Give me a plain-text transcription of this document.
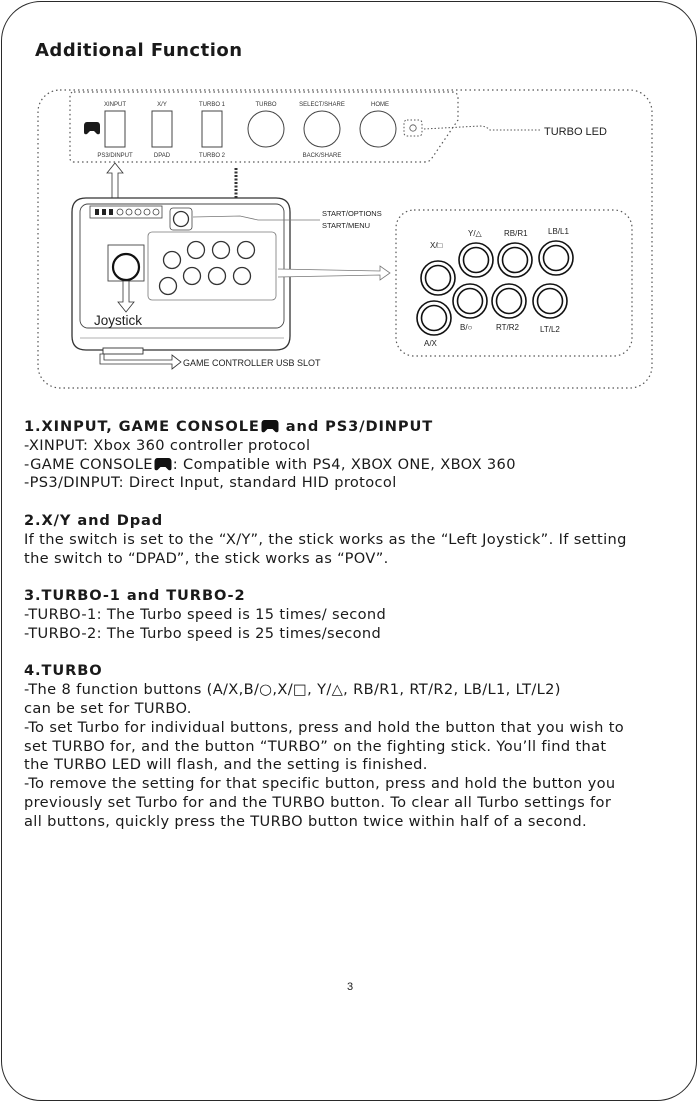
Additional Function
XINPUT	X/Y	TURBO 1	TURBO	SELECT/SHARE	HOME
TURBO LED
PS3/DINPUT	DPAD	TURBO 2	BACK/SHARE
START/OPTIONS
START/MENU
Joystick
GAME CONTROLLER USB SLOT
X/□
Y/△	RB/R1	LB/L1
A/X
B/○	RT/R2	LT/L2

1.XINPUT, GAME CONSOLE and PS3/DINPUT

-XINPUT: Xbox 360 controller protocol

-GAME CONSOLE : Compatible with PS4, XBOX ONE, XBOX 360

-PS3/DINPUT: Direct Input, standard HID protocol

2.X/Y and Dpad

If the switch is set to the “X/Y”, the stick works as the “Left Joystick”. If setting

the switch to “DPAD”, the stick works as “POV”.

3.TURBO-1 and TURBO-2

-TURBO-1: The Turbo speed is 15 times/ second

-TURBO-2: The Turbo speed is 25 times/second

4.TURBO

-The 8 function buttons (A/X,B/○,X/□, Y/△, RB/R1, RT/R2, LB/L1, LT/L2)

can be set for TURBO.

-To set Turbo for individual buttons, press and hold the button that you wish to

set TURBO for, and the button “TURBO” on the fighting stick. You’ll find that

the TURBO LED will flash, and the setting is finished.

-To remove the setting for that specific button, press and hold the button you

previously set Turbo for and the TURBO button. To clear all Turbo settings for

all buttons, quickly press the TURBO button twice within half of a second.

3
